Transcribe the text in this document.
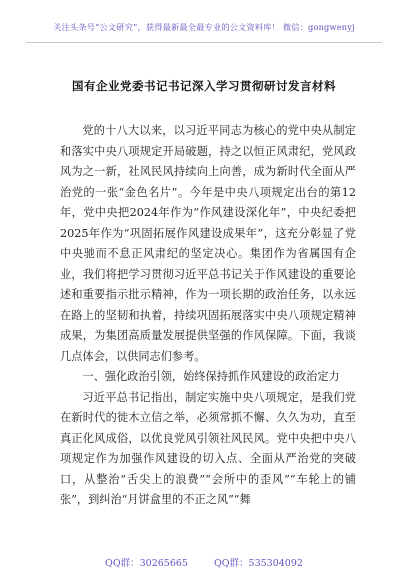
关注头条号“公文研究”，获得最新最全最专业的公文资料库！ 微信：gongwenyj
国有企业党委书记书记深入学习贯彻研讨发言材料

党的十八大以来，以习近平同志为核心的党中央从制定和落实中央八项规定开局破题，持之以恒正风肃纪，党风政风为之一新，社风民风持续向上向善，成为新时代全面从严治党的一张“金色名片”。今年是中央八项规定出台的第12年，党中央把2024年作为“作风建设深化年”，中央纪委把2025年作为“巩固拓展作风建设成果年”，这充分彰显了党中央驰而不息正风肃纪的坚定决心。集团作为省属国有企业，我们将把学习贯彻习近平总书记关于作风建设的重要论述和重要指示批示精神，作为一项长期的政治任务，以永远在路上的坚韧和执着，持续巩固拓展落实中央八项规定精神成果，为集团高质量发展提供坚强的作风保障。下面，我谈几点体会，以供同志们参考。

一、强化政治引领，始终保持抓作风建设的政治定力

习近平总书记指出，制定实施中央八项规定，是我们党在新时代的徙木立信之举，必须常抓不懈、久久为功，直至真正化风成俗，以优良党风引领社风民风。党中央把中央八项规定作为加强作风建设的切入点、全面从严治党的突破口，从整治“舌尖上的浪费”“会所中的歪风”“车轮上的铺张”，到纠治“月饼盒里的不正之风”“舞

QQ群：30265665	QQ群：535304092
